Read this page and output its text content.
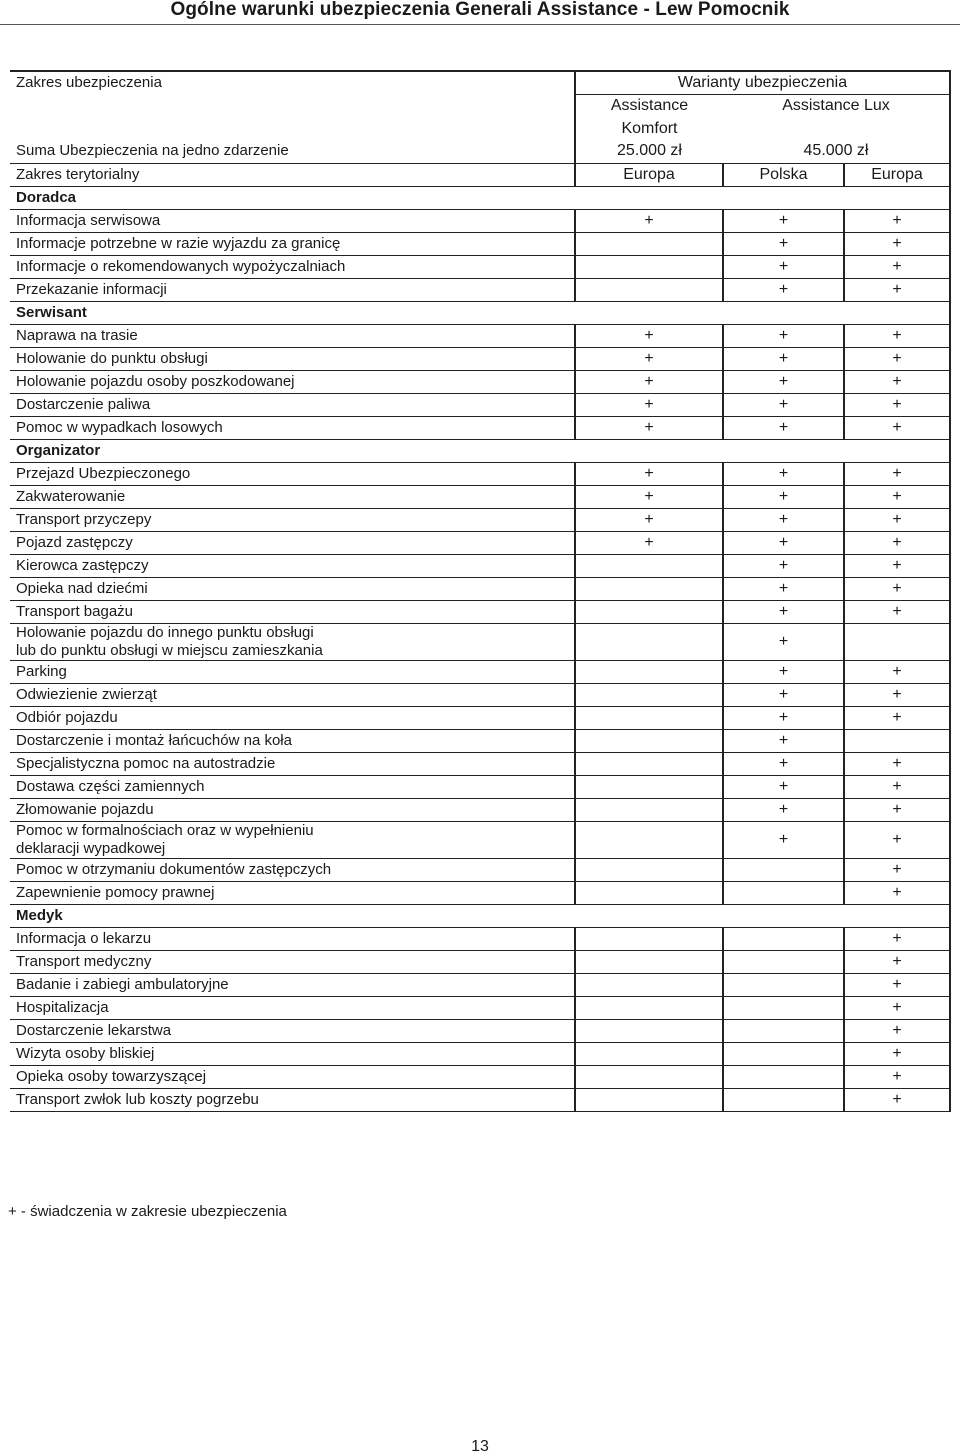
Ogólne warunki ubezpieczenia Generali Assistance - Lew Pomocnik
Zakres ubezpieczenia	Warianty ubezpieczenia		
	Assistance	Assistance Lux	
	Komfort		
Suma Ubezpieczenia na jedno zdarzenie	25.000 zł	45.000 zł	
Zakres terytorialny	Europa	Polska	Europa
Doradca			

Informacja serwisowa	+	+	+

Informacje potrzebne w razie wyjazdu za granicę		+	+

Informacje o rekomendowanych wypożyczalniach		+	+

Przekazanie informacji		+	+
Serwisant			

Naprawa na trasie	+	+	+

Holowanie do punktu obsługi	+	+	+

Holowanie pojazdu osoby poszkodowanej	+	+	+

Dostarczenie paliwa	+	+	+

Pomoc w wypadkach losowych	+	+	+
Organizator			

Przejazd Ubezpieczonego	+	+	+

Zakwaterowanie	+	+	+

Transport przyczepy	+	+	+

Pojazd zastępczy	+	+	+

Kierowca zastępczy		+	+

Opieka nad dziećmi		+	+

Transport bagażu		+	+

Holowanie pojazdu do innego punktu obsługi
lub do punktu obsługi w miejscu zamieszkania		+	

Parking		+	+

Odwiezienie zwierząt		+	+

Odbiór pojazdu		+	+

Dostarczenie i montaż łańcuchów na koła		+	

Specjalistyczna pomoc na autostradzie		+	+

Dostawa części zamiennych		+	+

Złomowanie pojazdu		+	+

Pomoc w formalnościach oraz w wypełnieniu
deklaracji wypadkowej		+	+

Pomoc w otrzymaniu dokumentów zastępczych			+

Zapewnienie pomocy prawnej			+
Medyk			

Informacja o lekarzu			+

Transport medyczny			+

Badanie i zabiegi ambulatoryjne			+

Hospitalizacja			+

Dostarczenie lekarstwa			+

Wizyta osoby bliskiej			+

Opieka osoby towarzyszącej			+

Transport zwłok lub koszty pogrzebu			+
+ - świadczenia w zakresie ubezpieczenia
13
